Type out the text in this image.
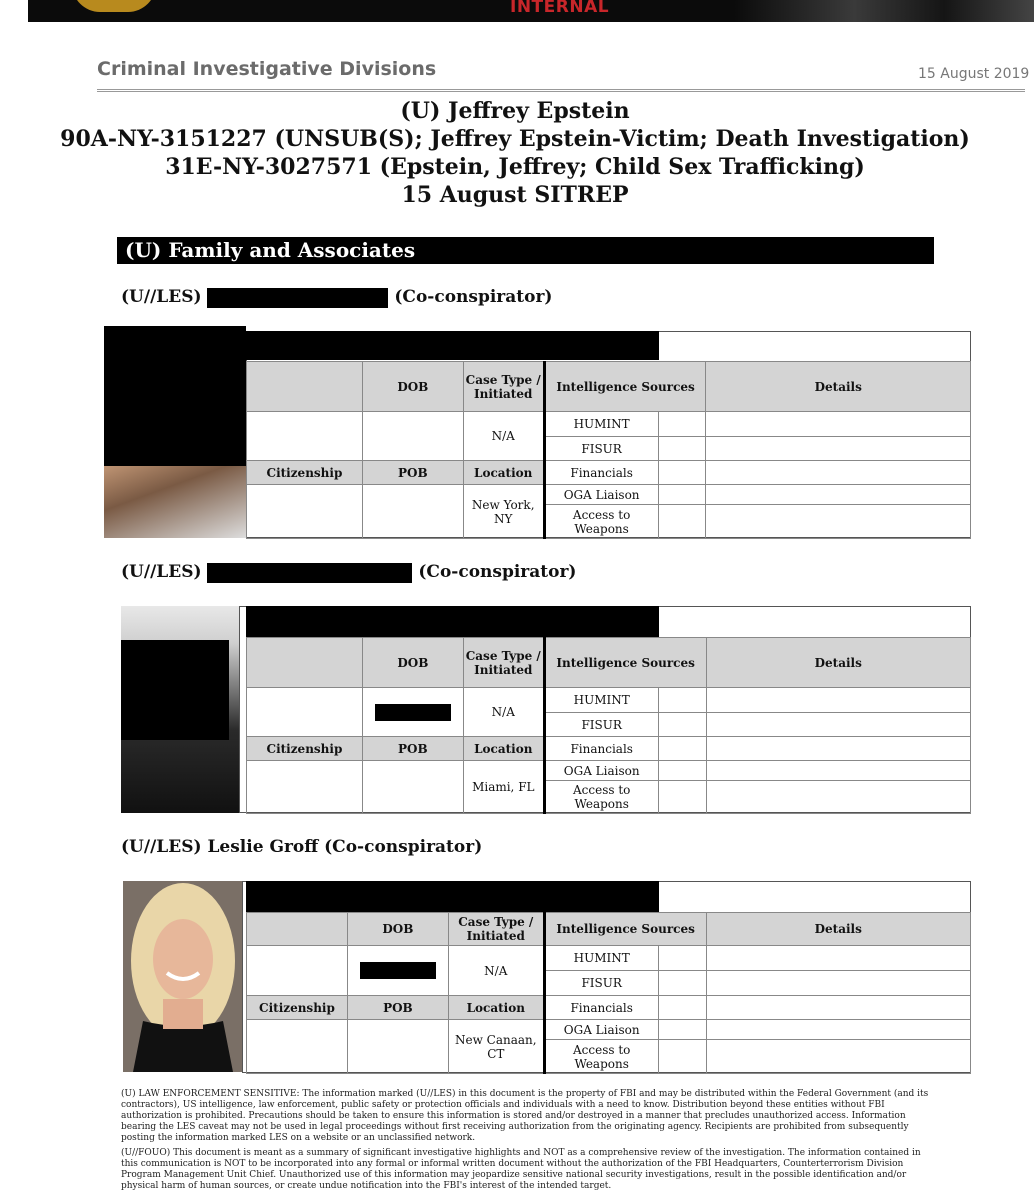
INTERNAL
Criminal Investigative Divisions	15 August 2019
(U) Jeffrey Epstein
90A-NY-3151227 (UNSUB(S); Jeffrey Epstein-Victim; Death Investigation)
31E-NY-3027571 (Epstein, Jeffrey; Child Sex Trafficking)
15 August SITREP
(U) Family and Associates
(U//LES)	(Co-conspirator)
	DOB	Case Type / Initiated	Intelligence Sources		Details
		N/A	HUMINT		
			FISUR		
Citizenship	POB	Location	Financials		
		New York, NY	OGA Liaison		
			Access to Weapons		
(U//LES)	(Co-conspirator)
	DOB	Case Type / Initiated	Intelligence Sources		Details
		N/A	HUMINT		
			FISUR		
Citizenship	POB	Location	Financials		
		Miami, FL	OGA Liaison		
			Access to Weapons		
(U//LES) Leslie Groff (Co-conspirator)
	DOB	Case Type / Initiated	Intelligence Sources		Details
		N/A	HUMINT		
			FISUR		
Citizenship	POB	Location	Financials		
		New Canaan, CT	OGA Liaison		
			Access to Weapons		
(U) LAW ENFORCEMENT SENSITIVE: The information marked (U//LES) in this document is the property of FBI and may be distributed within the Federal Government (and its contractors), US intelligence, law enforcement, public safety or protection officials and individuals with a need to know. Distribution beyond these entities without FBI authorization is prohibited. Precautions should be taken to ensure this information is stored and/or destroyed in a manner that precludes unauthorized access. Information bearing the LES caveat may not be used in legal proceedings without first receiving authorization from the originating agency. Recipients are prohibited from subsequently posting the information marked LES on a website or an unclassified network.
(U//FOUO) This document is meant as a summary of significant investigative highlights and NOT as a comprehensive review of the investigation. The information contained in this communication is NOT to be incorporated into any formal or informal written document without the authorization of the FBI Headquarters, Counterterrorism Division Program Management Unit Chief. Unauthorized use of this information may jeopardize sensitive national security investigations, result in the possible identification and/or physical harm of human sources, or create undue notification into the FBI's interest of the intended target.
